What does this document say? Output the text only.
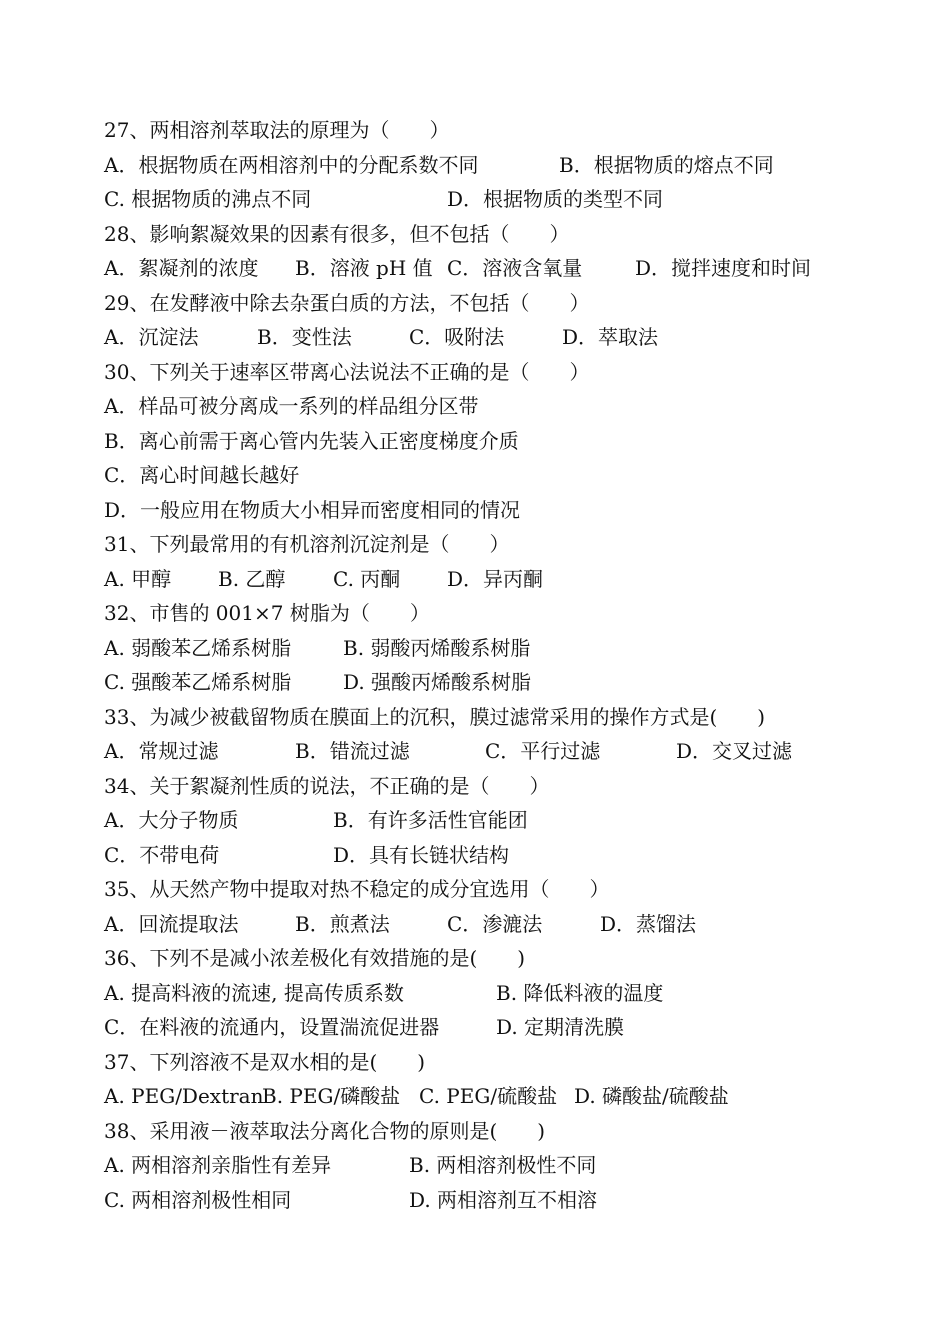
27、两相溶剂萃取法的原理为（　　）
A．根据物质在两相溶剂中的分配系数不同	B．根据物质的熔点不同
C. 根据物质的沸点不同	D．根据物质的类型不同
28、影响絮凝效果的因素有很多，但不包括（　　）
A．絮凝剂的浓度 B．溶液 pH 值 C．溶液含氧量	D．搅拌速度和时间
29、在发酵液中除去杂蛋白质的方法，不包括（　　）
A．沉淀法	B．变性法	C．吸附法	D．萃取法
30、下列关于速率区带离心法说法不正确的是（　　）
A．样品可被分离成一系列的样品组分区带
B．离心前需于离心管内先装入正密度梯度介质
C．离心时间越长越好
D．一般应用在物质大小相异而密度相同的情况
31、下列最常用的有机溶剂沉淀剂是（　　）
A. 甲醇 B. 乙醇 C. 丙酮 D．异丙酮
32、市售的 001×7 树脂为（　　）
A. 弱酸苯乙烯系树脂	B. 弱酸丙烯酸系树脂
C. 强酸苯乙烯系树脂	D. 强酸丙烯酸系树脂
33、为减少被截留物质在膜面上的沉积，膜过滤常采用的操作方式是(　　)
A．常规过滤	B．错流过滤	C．平行过滤	D．交叉过滤
34、关于絮凝剂性质的说法，不正确的是（　　）
A．大分子物质	B．有许多活性官能团
C．不带电荷	D．具有长链状结构
35、从天然产物中提取对热不稳定的成分宜选用（　　）
A．回流提取法	B．煎煮法	C．渗漉法	D．蒸馏法
36、下列不是减小浓差极化有效措施的是(　　)
A. 提高料液的流速, 提高传质系数	B. 降低料液的温度
C．在料液的流通内，设置湍流促进器	D. 定期清洗膜
37、下列溶液不是双水相的是(　　)
A. PEG/Dextran
B. PEG/磷酸盐 C. PEG/硫酸盐 D. 磷酸盐/硫酸盐
38、采用液－液萃取法分离化合物的原则是(　　)
A. 两相溶剂亲脂性有差异	B. 两相溶剂极性不同
C. 两相溶剂极性相同	D. 两相溶剂互不相溶
